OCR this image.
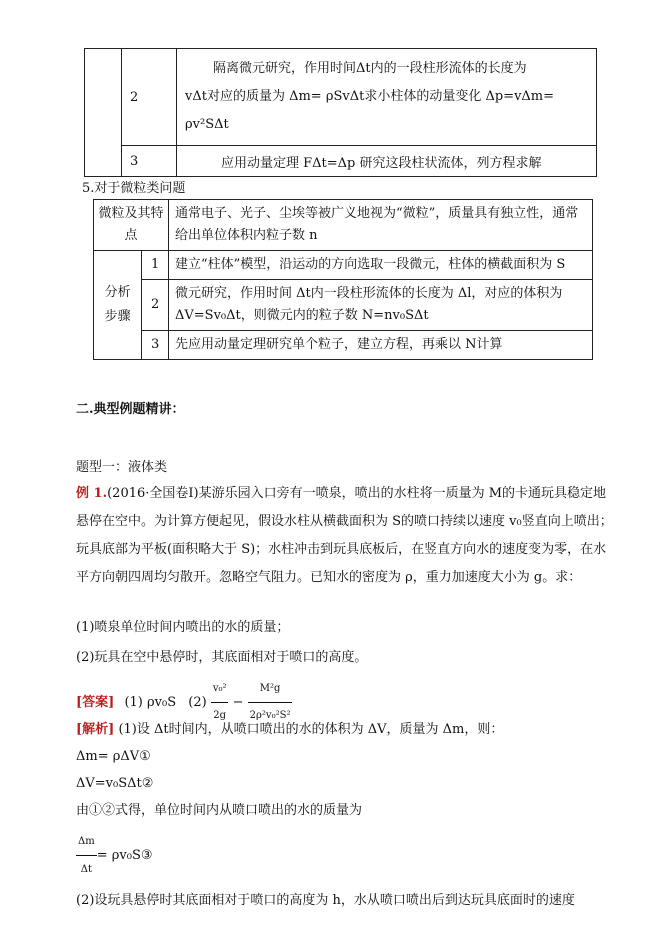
	2	隔离微元研究，作用时间Δt内的一段柱形流体的长度为
vΔt对应的质量为 Δm= ρSvΔt求小柱体的动量变化 Δp=vΔm=
ρv²SΔt

	3	应用动量定理 FΔt=Δp 研究这段柱状流体，列方程求解
5.对于微粒类问题
微粒及其特点		通常电子、光子、尘埃等被广义地视为“微粒”，质量具有独立性，通常给出单位体积内粒子数 n
分析步骤	1	建立“柱体”模型，沿运动的方向选取一段微元，柱体的横截面积为 S
	2	微元研究，作用时间 Δt内一段柱形流体的长度为 Δl，对应的体积为 ΔV=Sv₀Δt，则微元内的粒子数 N=nv₀SΔt
	3	先应用动量定理研究单个粒子，建立方程，再乘以 N计算
二.典型例题精讲：
题型一：液体类
例 1.(2016·全国卷Ⅰ)某游乐园入口旁有一喷泉，喷出的水柱将一质量为 M的卡通玩具稳定地悬停在空中。为计算方便起见，假设水柱从横截面积为 S的喷口持续以速度 v₀竖直向上喷出；玩具底部为平板(面积略大于 S)；水柱冲击到玩具底板后，在竖直方向水的速度变为零，在水平方向朝四周均匀散开。忽略空气阻力。已知水的密度为 ρ，重力加速度大小为 g。求：
(1)喷泉单位时间内喷出的水的质量；
(2)玩具在空中悬停时，其底面相对于喷口的高度。
[答案] (1) ρv₀S $(2) \frac{\text{v₀²}}{2g} - \frac{\text{M²g}}{\text{2ρ²v₀²S²}}$
[解析] (1)设 Δt时间内，从喷口喷出的水的体积为 ΔV，质量为 Δm，则：
Δm= ρΔV①
ΔV=v₀SΔt②
由①②式得，单位时间内从喷口喷出的水的质量为
$\frac{\Delta m}{\Delta t}$ = ρv₀S③
(2)设玩具悬停时其底面相对于喷口的高度为 h，水从喷口喷出后到达玩具底面时的速度
